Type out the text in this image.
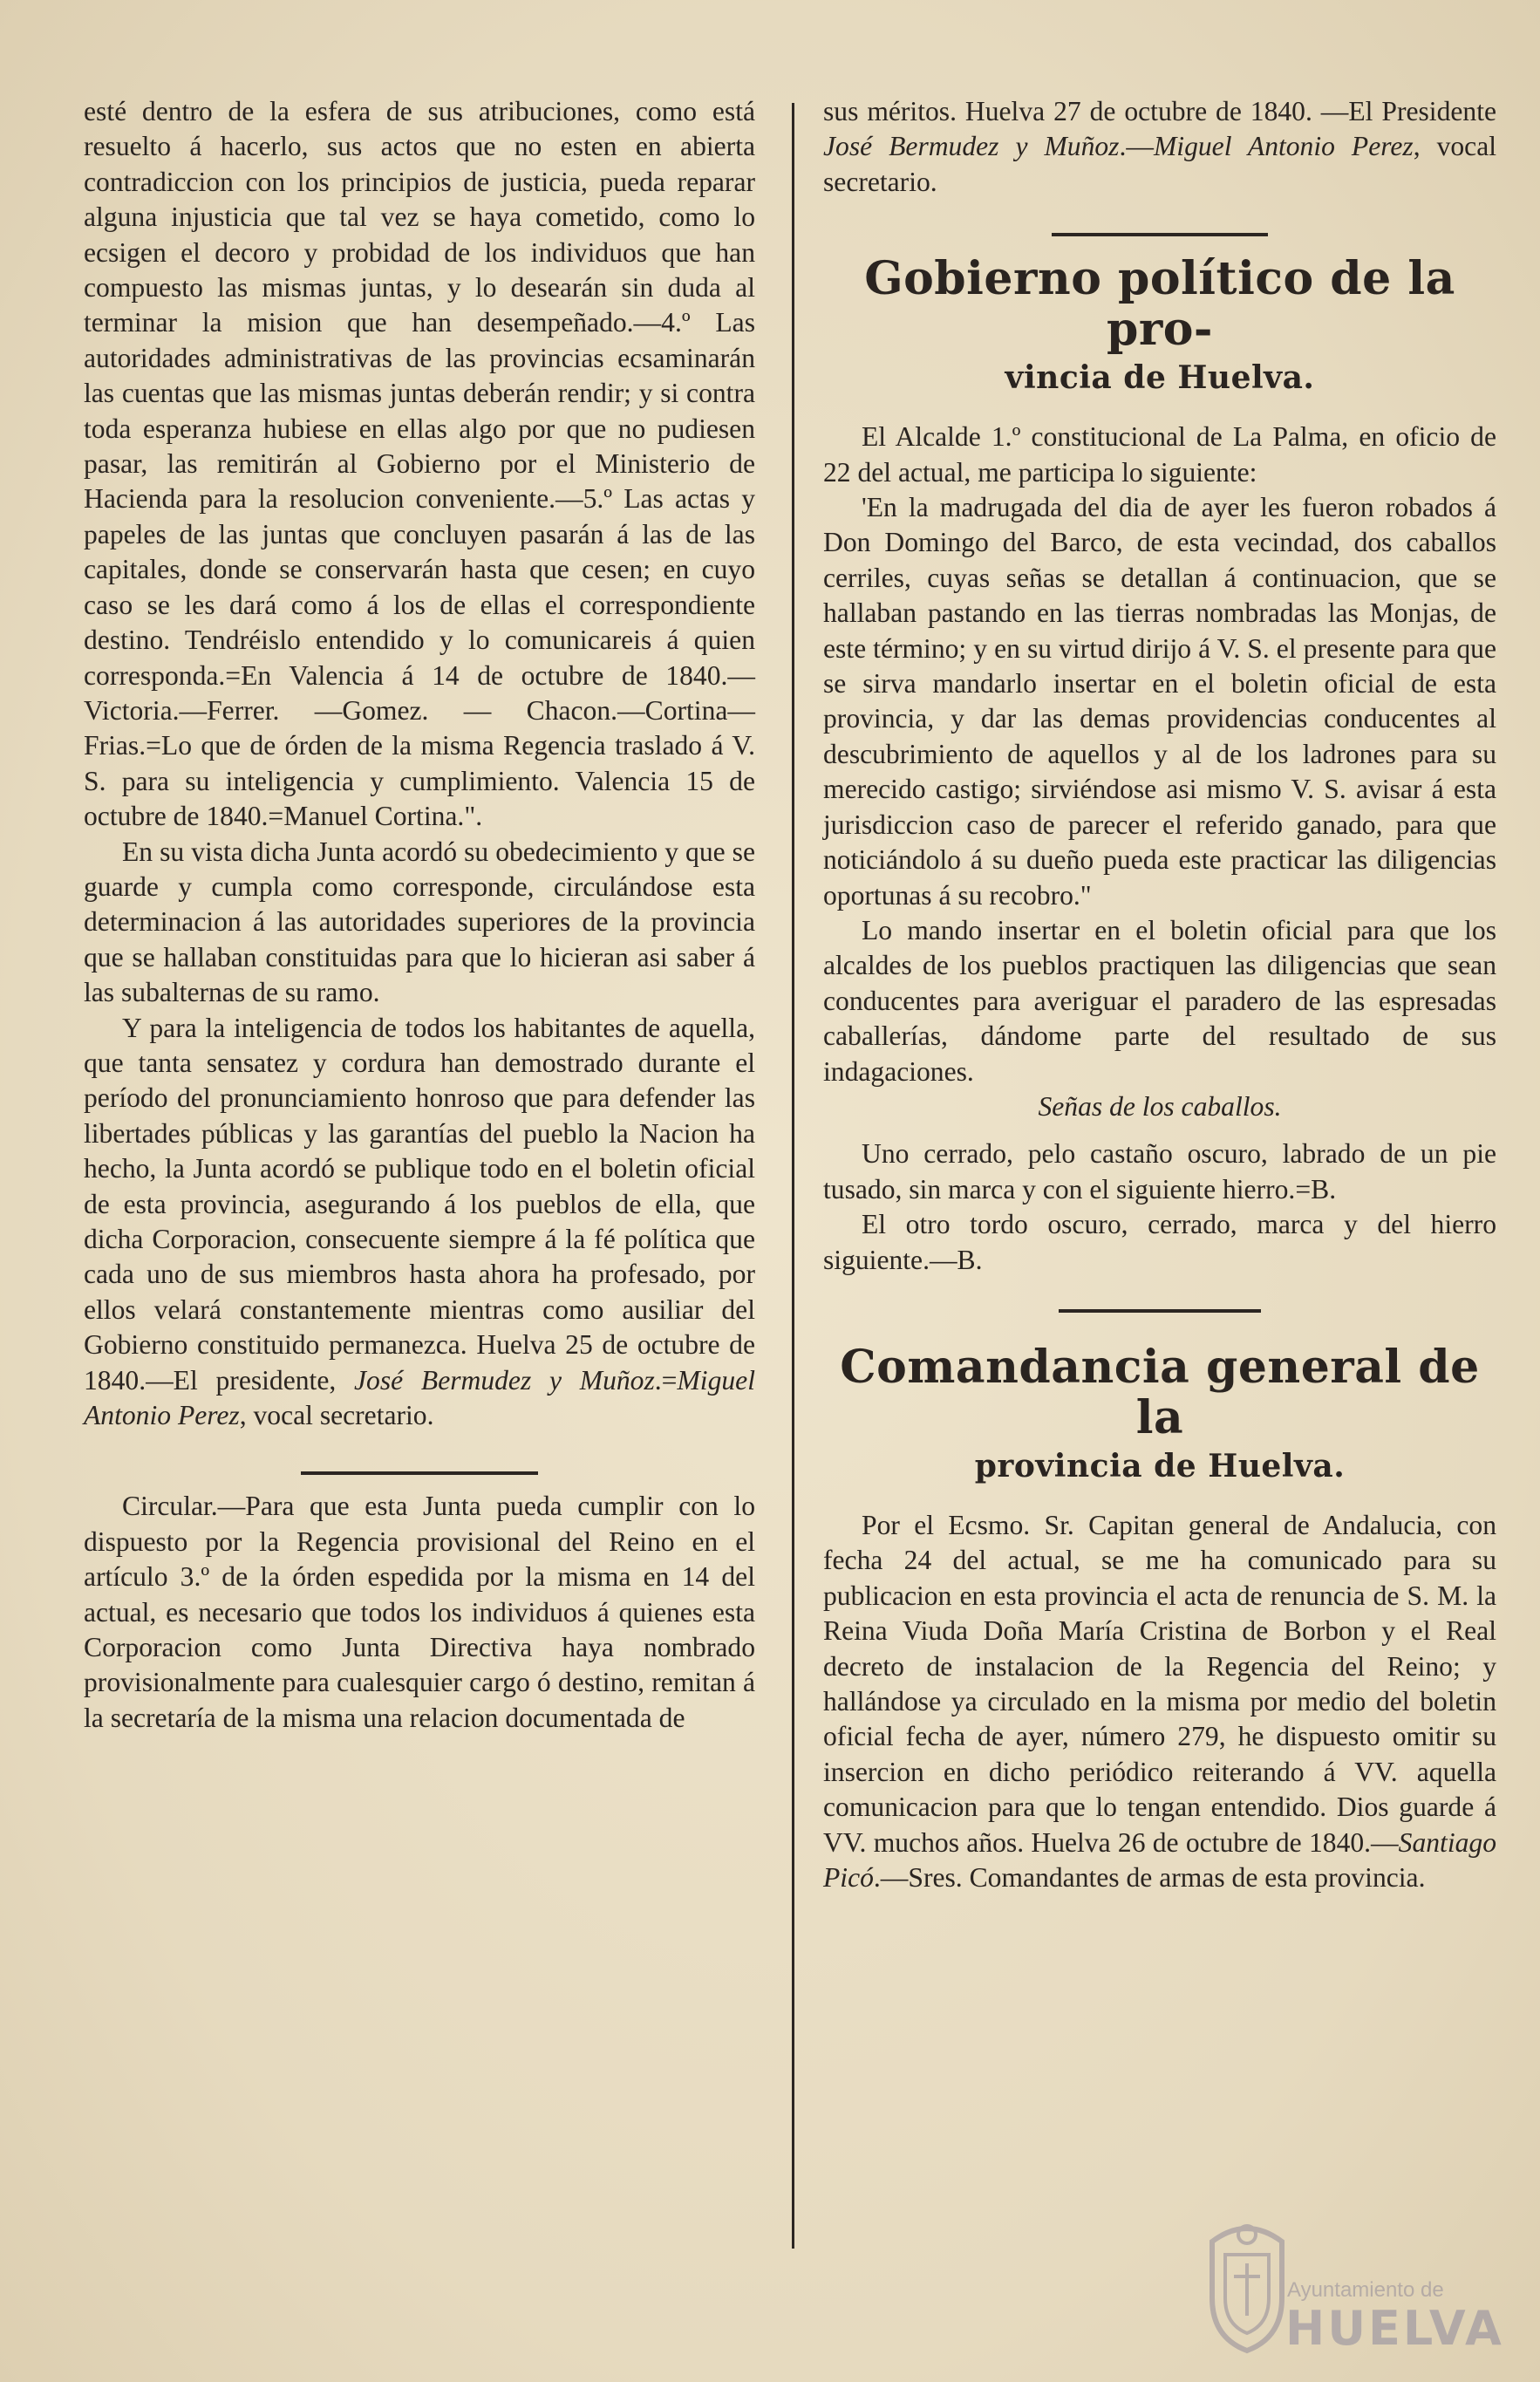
esté dentro de la esfera de sus atribuciones, como está resuelto á hacerlo, sus actos que no esten en abierta contradiccion con los principios de justicia, pueda reparar alguna injusticia que tal vez se haya cometido, como lo ecsigen el decoro y probidad de los individuos que han compuesto las mismas juntas, y lo desearán sin duda al terminar la mision que han desempeñado.—4.º Las autoridades administrativas de las provincias ecsaminarán las cuentas que las mismas juntas deberán rendir; y si contra toda esperanza hubiese en ellas algo por que no pudiesen pasar, las remitirán al Gobierno por el Ministerio de Hacienda para la resolucion conveniente.—5.º Las actas y papeles de las juntas que concluyen pasarán á las de las capitales, donde se conservarán hasta que cesen; en cuyo caso se les dará como á los de ellas el correspondiente destino. Tendréislo entendido y lo comunicareis á quien corresponda.=En Valencia á 14 de octubre de 1840.—Victoria.—Ferrer. —Gomez. — Chacon.—Cortina—Frias.=Lo que de órden de la misma Regencia traslado á V. S. para su inteligencia y cumplimiento. Valencia 15 de octubre de 1840.=Manuel Cortina.".

En su vista dicha Junta acordó su obedecimiento y que se guarde y cumpla como corresponde, circulándose esta determinacion á las autoridades superiores de la provincia que se hallaban constituidas para que lo hicieran asi saber á las subalternas de su ramo.

Y para la inteligencia de todos los habitantes de aquella, que tanta sensatez y cordura han demostrado durante el período del pronunciamiento honroso que para defender las libertades públicas y las garantías del pueblo la Nacion ha hecho, la Junta acordó se publique todo en el boletin oficial de esta provincia, asegurando á los pueblos de ella, que dicha Corporacion, consecuente siempre á la fé política que cada uno de sus miembros hasta ahora ha profesado, por ellos velará constantemente mientras como ausiliar del Gobierno constituido permanezca. Huelva 25 de octubre de 1840.—El presidente, José Bermudez y Muñoz.=Miguel Antonio Perez, vocal secretario.

Circular.—Para que esta Junta pueda cumplir con lo dispuesto por la Regencia provisional del Reino en el artículo 3.º de la órden espedida por la misma en 14 del actual, es necesario que todos los individuos á quienes esta Corporacion como Junta Directiva haya nombrado provisionalmente para cualesquier cargo ó destino, remitan á la secretaría de la misma una relacion documentada de

sus méritos. Huelva 27 de octubre de 1840. —El Presidente José Bermudez y Muñoz.—Miguel Antonio Perez, vocal secretario.

Gobierno político de la pro-
vincia de Huelva.

El Alcalde 1.º constitucional de La Palma, en oficio de 22 del actual, me participa lo siguiente:

'En la madrugada del dia de ayer les fueron robados á Don Domingo del Barco, de esta vecindad, dos caballos cerriles, cuyas señas se detallan á continuacion, que se hallaban pastando en las tierras nombradas las Monjas, de este término; y en su virtud dirijo á V. S. el presente para que se sirva mandarlo insertar en el boletin oficial de esta provincia, y dar las demas providencias conducentes al descubrimiento de aquellos y al de los ladrones para su merecido castigo; sirviéndose asi mismo V. S. avisar á esta jurisdiccion caso de parecer el referido ganado, para que noticiándolo á su dueño pueda este practicar las diligencias oportunas á su recobro."

Lo mando insertar en el boletin oficial para que los alcaldes de los pueblos practiquen las diligencias que sean conducentes para averiguar el paradero de las espresadas caballerías, dándome parte del resultado de sus indagaciones.

Señas de los caballos.

Uno cerrado, pelo castaño oscuro, labrado de un pie tusado, sin marca y con el siguiente hierro.=B.

El otro tordo oscuro, cerrado, marca y del hierro siguiente.—B.

Comandancia general de la
provincia de Huelva.

Por el Ecsmo. Sr. Capitan general de Andalucia, con fecha 24 del actual, se me ha comunicado para su publicacion en esta provincia el acta de renuncia de S. M. la Reina Viuda Doña María Cristina de Borbon y el Real decreto de instalacion de la Regencia del Reino; y hallándose ya circulado en la misma por medio del boletin oficial fecha de ayer, número 279, he dispuesto omitir su insercion en dicho periódico reiterando á VV. aquella comunicacion para que lo tengan entendido. Dios guarde á VV. muchos años. Huelva 26 de octubre de 1840.—Santiago Picó.—Sres. Comandantes de armas de esta provincia.

Ayuntamiento de
HUELVA
